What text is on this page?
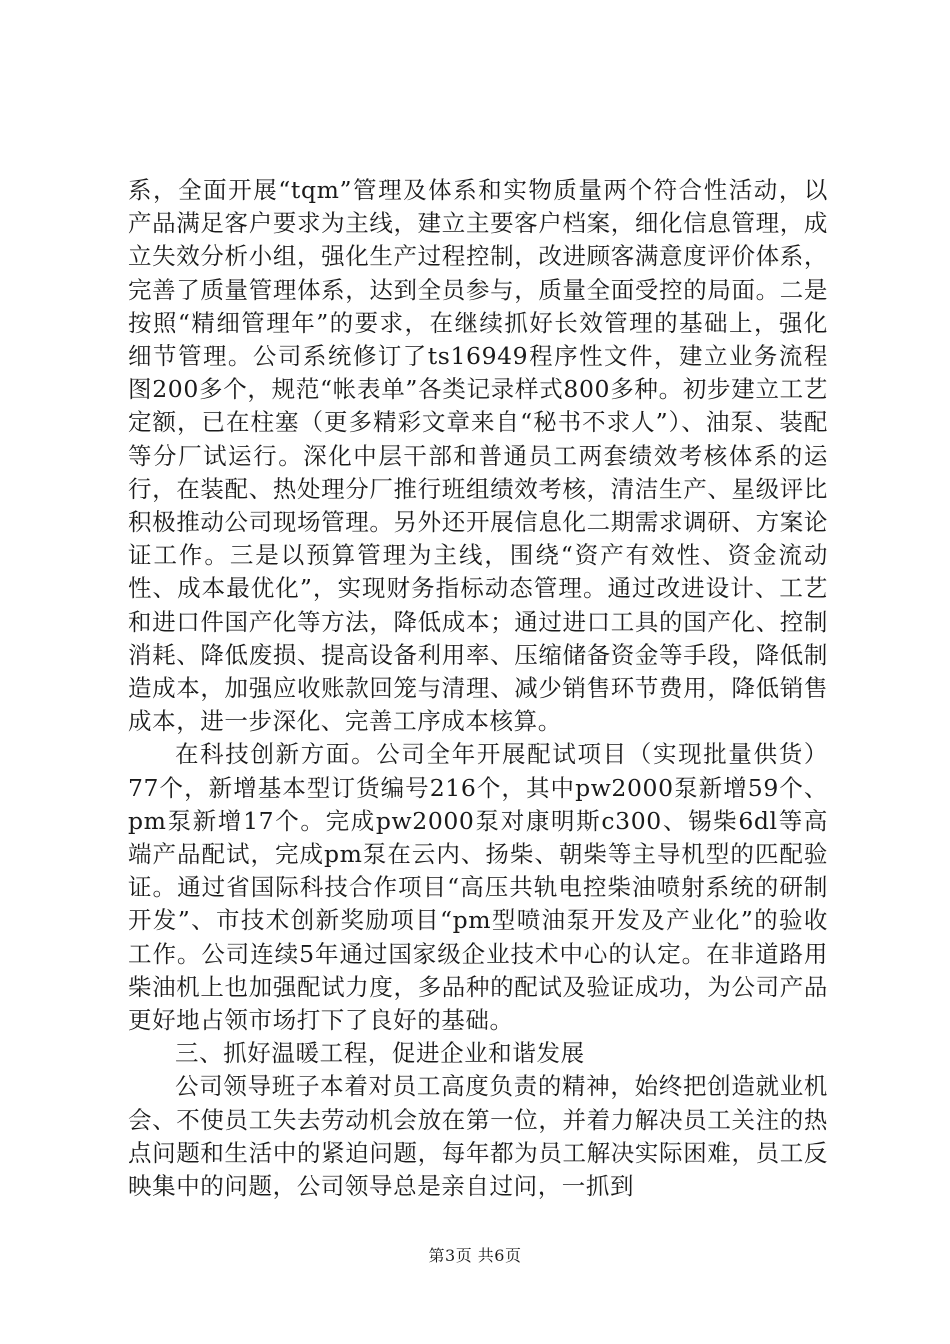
系，全面开展“tqm”管理及体系和实物质量两个符合性活动，以产品满足客户要求为主线，建立主要客户档案，细化信息管理，成立失效分析小组，强化生产过程控制，改进顾客满意度评价体系，完善了质量管理体系，达到全员参与，质量全面受控的局面。二是按照“精细管理年”的要求，在继续抓好长效管理的基础上，强化细节管理。公司系统修订了ts16949程序性文件，建立业务流程图200多个，规范“帐表单”各类记录样式800多种。初步建立工艺定额，已在柱塞（更多精彩文章来自“秘书不求人”）、油泵、装配等分厂试运行。深化中层干部和普通员工两套绩效考核体系的运行，在装配、热处理分厂推行班组绩效考核，清洁生产、星级评比积极推动公司现场管理。另外还开展信息化二期需求调研、方案论证工作。三是以预算管理为主线，围绕“资产有效性、资金流动性、成本最优化”，实现财务指标动态管理。通过改进设计、工艺和进口件国产化等方法，降低成本；通过进口工具的国产化、控制消耗、降低废损、提高设备利用率、压缩储备资金等手段，降低制造成本，加强应收账款回笼与清理、减少销售环节费用，降低销售成本，进一步深化、完善工序成本核算。

在科技创新方面。公司全年开展配试项目（实现批量供货）77个，新增基本型订货编号216个，其中pw2000泵新增59个、pm泵新增17个。完成pw2000泵对康明斯c300、锡柴6dl等高端产品配试，完成pm泵在云内、扬柴、朝柴等主导机型的匹配验证。通过省国际科技合作项目“高压共轨电控柴油喷射系统的研制开发”、市技术创新奖励项目“pm型喷油泵开发及产业化”的验收工作。公司连续5年通过国家级企业技术中心的认定。在非道路用柴油机上也加强配试力度，多品种的配试及验证成功，为公司产品更好地占领市场打下了良好的基础。

三、抓好温暖工程，促进企业和谐发展

公司领导班子本着对员工高度负责的精神，始终把创造就业机会、不使员工失去劳动机会放在第一位，并着力解决员工关注的热点问题和生活中的紧迫问题，每年都为员工解决实际困难，员工反映集中的问题，公司领导总是亲自过问，一抓到

第3页 共6页
